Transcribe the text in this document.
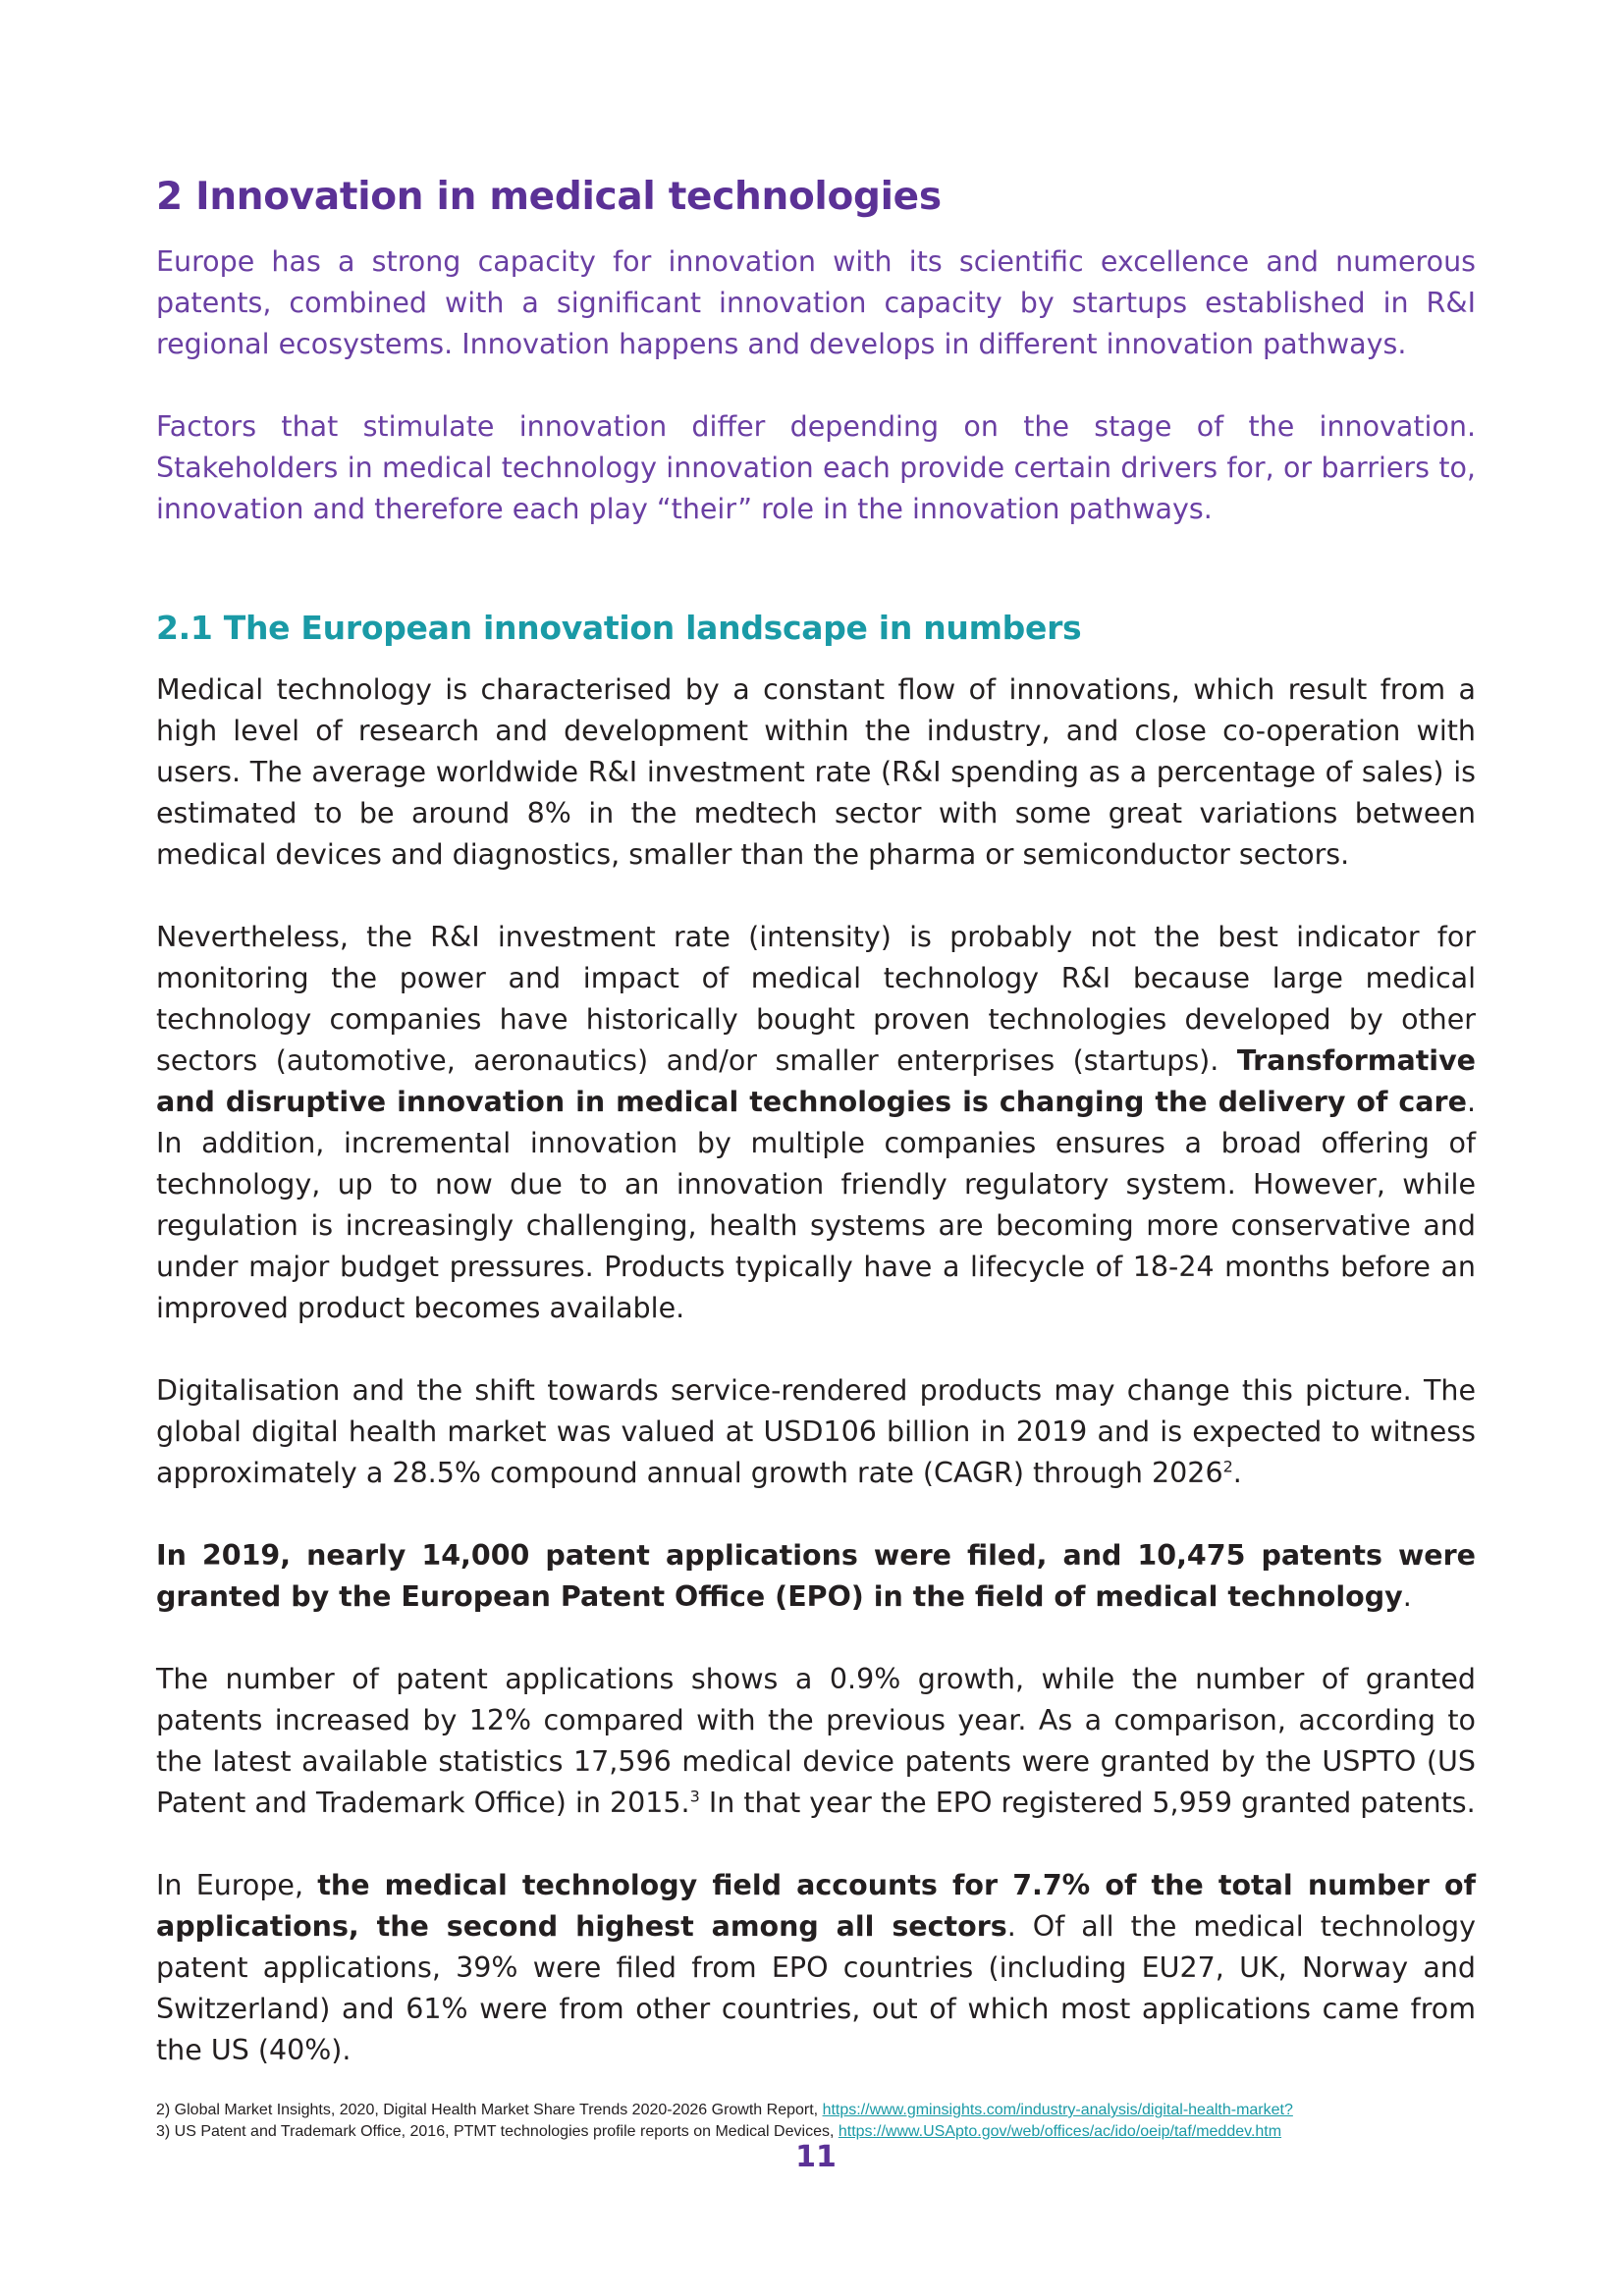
2 Innovation in medical technologies

Europe has a strong capacity for innovation with its scientific excellence and numerous patents, combined with a significant innovation capacity by startups established in R&I regional ecosystems. Innovation happens and develops in different innovation pathways.

Factors that stimulate innovation differ depending on the stage of the innovation. Stakeholders in medical technology innovation each provide certain drivers for, or barriers to, innovation and therefore each play “their” role in the innovation pathways.

2.1 The European innovation landscape in numbers

Medical technology is characterised by a constant flow of innovations, which result from a high level of research and development within the industry, and close co-operation with users. The average worldwide R&I investment rate (R&I spending as a percentage of sales) is estimated to be around 8% in the medtech sector with some great variations between medical devices and diagnostics, smaller than the pharma or semiconductor sectors.

Nevertheless, the R&I investment rate (intensity) is probably not the best indicator for monitoring the power and impact of medical technology R&I because large medical technology companies have historically bought proven technologies developed by other sectors (automotive, aeronautics) and/or smaller enterprises (startups). Transformative and disruptive innovation in medical technologies is changing the delivery of care. In addition, incremental innovation by multiple companies ensures a broad offering of technology, up to now due to an innovation friendly regulatory system. However, while regulation is increasingly challenging, health systems are becoming more conservative and under major budget pressures. Products typically have a lifecycle of 18-24 months before an improved product becomes available.

Digitalisation and the shift towards service-rendered products may change this picture. The global digital health market was valued at USD106 billion in 2019 and is expected to witness approximately a 28.5% compound annual growth rate (CAGR) through 2026$^2$.

In 2019, nearly 14,000 patent applications were filed, and 10,475 patents were granted by the European Patent Office (EPO) in the field of medical technology.

The number of patent applications shows a 0.9% growth, while the number of granted patents increased by 12% compared with the previous year. As a comparison, according to the latest available statistics 17,596 medical device patents were granted by the USPTO (US Patent and Trademark Office) in 2015.$^3$ In that year the EPO registered 5,959 granted patents.

In Europe, the medical technology field accounts for 7.7% of the total number of applications, the second highest among all sectors. Of all the medical technology patent applications, 39% were filed from EPO countries (including EU27, UK, Norway and Switzerland) and 61% were from other countries, out of which most applications came from the US (40%).

2) Global Market Insights, 2020, Digital Health Market Share Trends 2020-2026 Growth Report, https://www.gminsights.com/industry-analysis/digital-health-market?
3) US Patent and Trademark Office, 2016, PTMT technologies profile reports on Medical Devices, https://www.USApto.gov/web/offices/ac/ido/oeip/taf/meddev.htm
11
